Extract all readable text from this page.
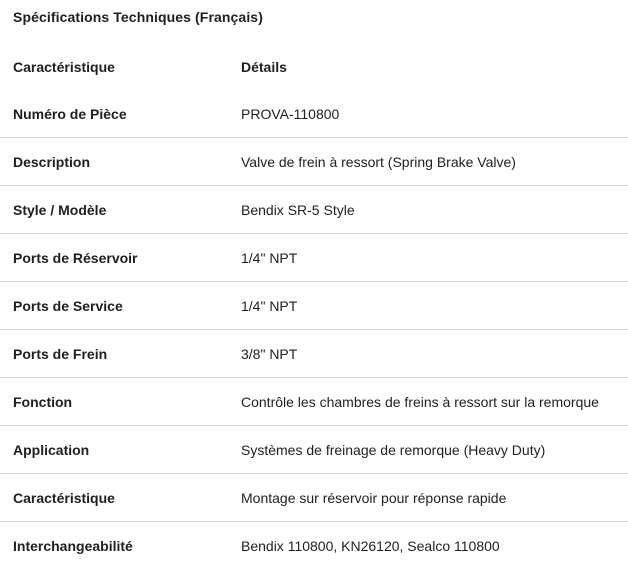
Spécifications Techniques (Français)
Caractéristique	Détails
Numéro de Pièce	PROVA-110800
Description	Valve de frein à ressort (Spring Brake Valve)
Style / Modèle	Bendix SR-5 Style
Ports de Réservoir	1/4" NPT
Ports de Service	1/4" NPT
Ports de Frein	3/8" NPT
Fonction	Contrôle les chambres de freins à ressort sur la remorque
Application	Systèmes de freinage de remorque (Heavy Duty)
Caractéristique	Montage sur réservoir pour réponse rapide
Interchangeabilité	Bendix 110800, KN26120, Sealco 110800
